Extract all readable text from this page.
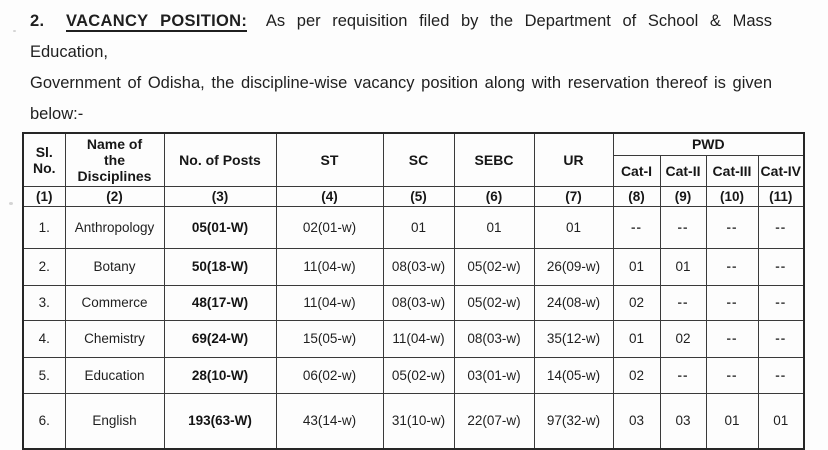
2. VACANCY POSITION: As per requisition filed by the Department of School & Mass Education,
Government of Odisha, the discipline-wise vacancy position along with reservation thereof is given
below:-
Sl.
No.	Name of
the
Disciplines	No. of Posts	ST	SC	SEBC	UR	PWD			
							Cat-I	Cat-II	Cat-III	Cat-IV
(1)	(2)	(3)	(4)	(5)	(6)	(7)	(8)	(9)	(10)	(11)
1.	Anthropology	05(01-W)	02(01-w)	01	01	01	--	--	--	--
2.	Botany	50(18-W)	11(04-w)	08(03-w)	05(02-w)	26(09-w)	01	01	--	--
3.	Commerce	48(17-W)	11(04-w)	08(03-w)	05(02-w)	24(08-w)	02	--	--	--
4.	Chemistry	69(24-W)	15(05-w)	11(04-w)	08(03-w)	35(12-w)	01	02	--	--
5.	Education	28(10-W)	06(02-w)	05(02-w)	03(01-w)	14(05-w)	02	--	--	--
6.	English	193(63-W)	43(14-w)	31(10-w)	22(07-w)	97(32-w)	03	03	01	01
